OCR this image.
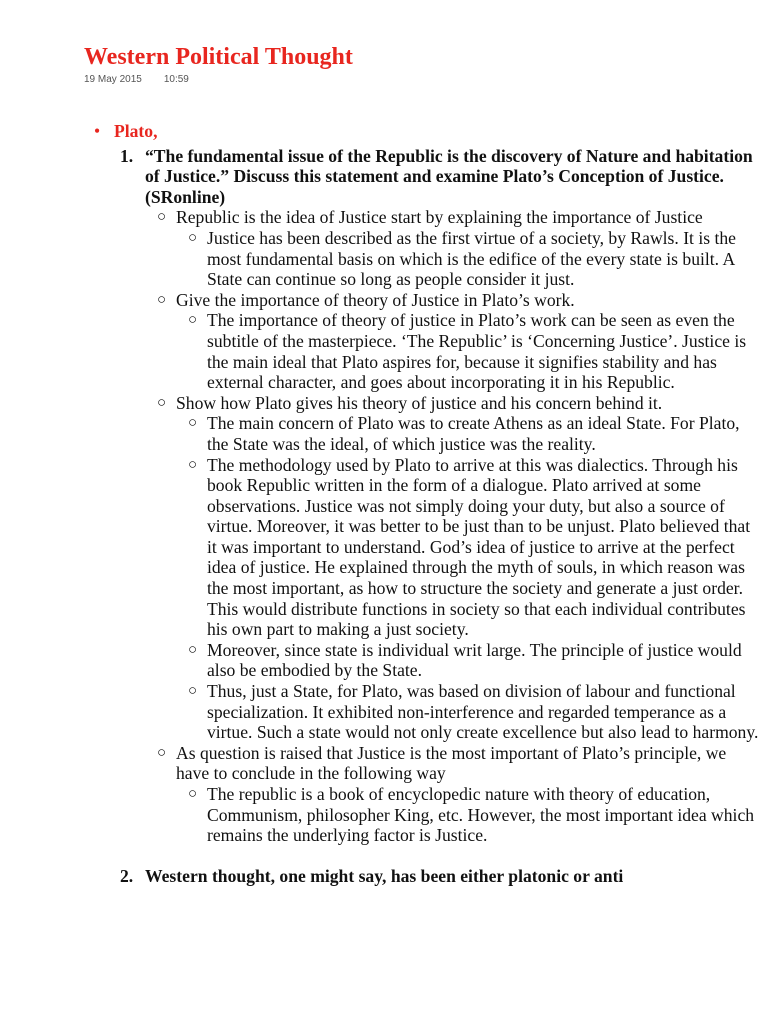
Western Political Thought
19 May 2015 10:59
• Plato,
1. “The fundamental issue of the Republic is the discovery of Nature and habitation of Justice.” Discuss this statement and examine Plato’s Conception of Justice. (SRonline)
○ Republic is the idea of Justice start by explaining the importance of Justice
○ Justice has been described as the first virtue of a society, by Rawls. It is the most fundamental basis on which is the edifice of the every state is built. A State can continue so long as people consider it just.
○ Give the importance of theory of Justice in Plato’s work.
○ The importance of theory of justice in Plato’s work can be seen as even the subtitle of the masterpiece. ‘The Republic’ is ‘Concerning Justice’. Justice is the main ideal that Plato aspires for, because it signifies stability and has external character, and goes about incorporating it in his Republic.
○ Show how Plato gives his theory of justice and his concern behind it.
○ The main concern of Plato was to create Athens as an ideal State. For Plato, the State was the ideal, of which justice was the reality.
○ The methodology used by Plato to arrive at this was dialectics. Through his book Republic written in the form of a dialogue. Plato arrived at some observations. Justice was not simply doing your duty, but also a source of virtue. Moreover, it was better to be just than to be unjust. Plato believed that it was important to understand. God’s idea of justice to arrive at the perfect idea of justice. He explained through the myth of souls, in which reason was the most important, as how to structure the society and generate a just order. This would distribute functions in society so that each individual contributes his own part to making a just society.
○ Moreover, since state is individual writ large. The principle of justice would also be embodied by the State.
○ Thus, just a State, for Plato, was based on division of labour and functional specialization. It exhibited non-interference and regarded temperance as a virtue. Such a state would not only create excellence but also lead to harmony.
○ As question is raised that Justice is the most important of Plato’s principle, we have to conclude in the following way
○ The republic is a book of encyclopedic nature with theory of education, Communism, philosopher King, etc. However, the most important idea which remains the underlying factor is Justice.
2. Western thought, one might say, has been either platonic or anti
